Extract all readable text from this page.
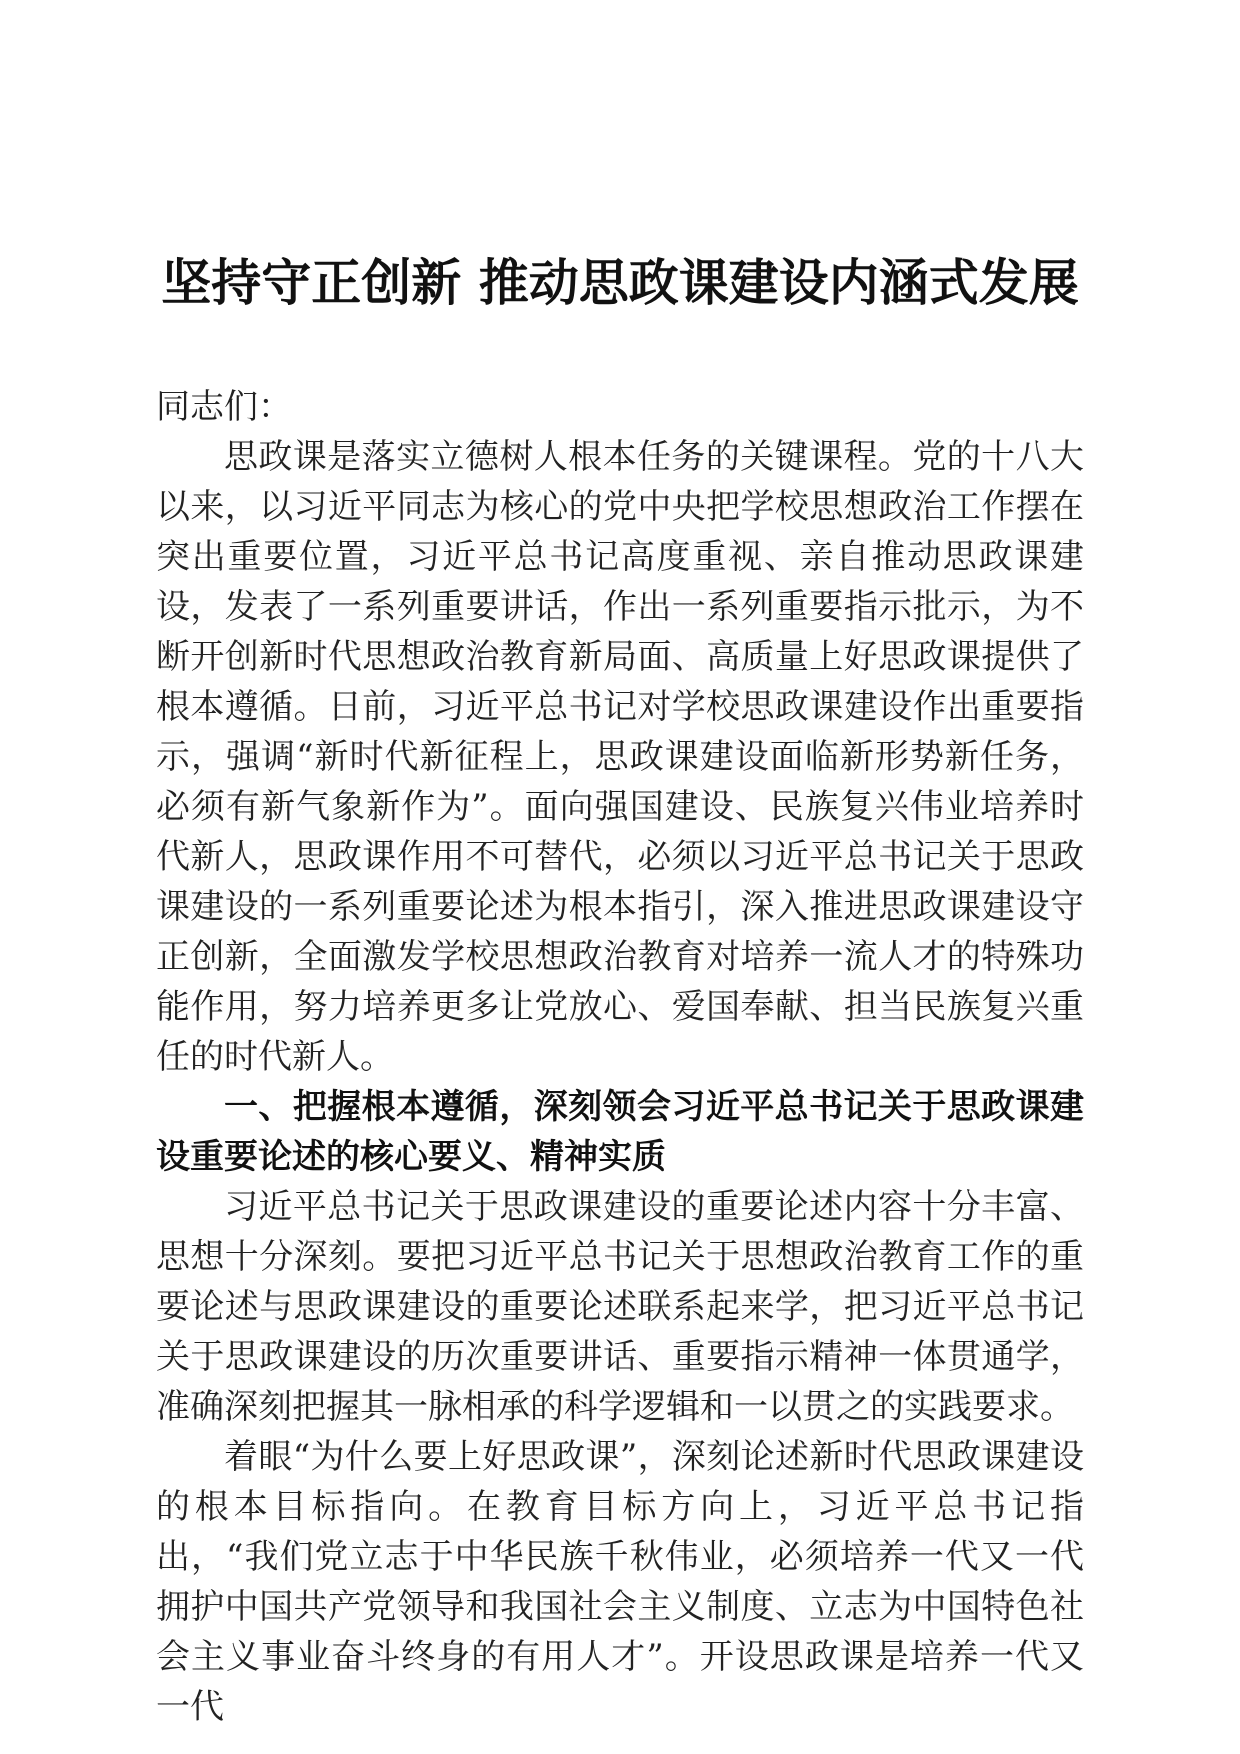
坚持守正创新 推动思政课建设内涵式发展

同志们：

思政课是落实立德树人根本任务的关键课程。党的十八大以来，以习近平同志为核心的党中央把学校思想政治工作摆在突出重要位置，习近平总书记高度重视、亲自推动思政课建设，发表了一系列重要讲话，作出一系列重要指示批示，为不断开创新时代思想政治教育新局面、高质量上好思政课提供了根本遵循。日前，习近平总书记对学校思政课建设作出重要指示，强调“新时代新征程上，思政课建设面临新形势新任务，必须有新气象新作为”。面向强国建设、民族复兴伟业培养时代新人，思政课作用不可替代，必须以习近平总书记关于思政课建设的一系列重要论述为根本指引，深入推进思政课建设守正创新，全面激发学校思想政治教育对培养一流人才的特殊功能作用，努力培养更多让党放心、爱国奉献、担当民族复兴重任的时代新人。

一、把握根本遵循，深刻领会习近平总书记关于思政课建设重要论述的核心要义、精神实质

习近平总书记关于思政课建设的重要论述内容十分丰富、思想十分深刻。要把习近平总书记关于思想政治教育工作的重要论述与思政课建设的重要论述联系起来学，把习近平总书记关于思政课建设的历次重要讲话、重要指示精神一体贯通学，准确深刻把握其一脉相承的科学逻辑和一以贯之的实践要求。

着眼“为什么要上好思政课”，深刻论述新时代思政课建设的根本目标指向。在教育目标方向上，习近平总书记指出，“我们党立志于中华民族千秋伟业，必须培养一代又一代拥护中国共产党领导和我国社会主义制度、立志为中国特色社会主义事业奋斗终身的有用人才”。开设思政课是培养一代又一代
